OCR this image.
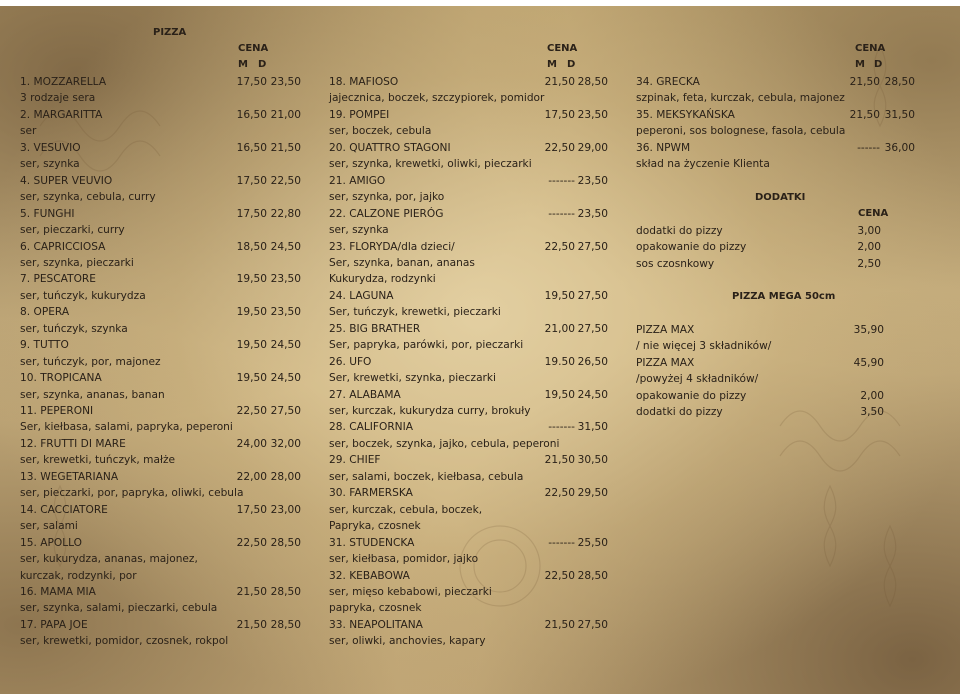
PIZZA
CENA
M D
CENA
M D
CENA
M D
1. MOZZARELLA	17,50 23,50
3 rodzaje sera
2. MARGARITTA	16,50 21,00
ser
3. VESUVIO	16,50 21,50
ser, szynka
4. SUPER VEUVIO	17,50 22,50
ser, szynka, cebula, curry
5. FUNGHI	17,50 22,80
ser, pieczarki, curry
6. CAPRICCIOSA	18,50 24,50
ser, szynka, pieczarki
7. PESCATORE	19,50 23,50
ser, tuńczyk, kukurydza
8. OPERA	19,50 23,50
ser, tuńczyk, szynka
9. TUTTO	19,50 24,50
ser, tuńczyk, por, majonez
10. TROPICANA	19,50 24,50
ser, szynka, ananas, banan
11. PEPERONI	22,50 27,50
Ser, kiełbasa, salami, papryka, peperoni
12. FRUTTI DI MARE	24,00 32,00
ser, krewetki, tuńczyk, małże
13. WEGETARIANA	22,00 28,00
ser, pieczarki, por, papryka, oliwki, cebula
14. CACCIATORE	17,50 23,00
ser, salami
15. APOLLO	22,50 28,50
ser, kukurydza, ananas, majonez,
kurczak, rodzynki, por
16. MAMA MIA	21,50 28,50
ser, szynka, salami, pieczarki, cebula
17. PAPA JOE	21,50 28,50
ser, krewetki, pomidor, czosnek, rokpol
18. MAFIOSO	21,50 28,50
jajecznica, boczek, szczypiorek, pomidor
19. POMPEI	17,50 23,50
ser, boczek, cebula
20. QUATTRO STAGONI	22,50 29,00
ser, szynka, krewetki, oliwki, pieczarki
21. AMIGO	------- 23,50
ser, szynka, por, jajko
22. CALZONE PIERÓG	------- 23,50
ser, szynka
23. FLORYDA/dla dzieci/	22,50 27,50
Ser, szynka, banan, ananas
Kukurydza, rodzynki
24. LAGUNA	19,50 27,50
Ser, tuńczyk, krewetki, pieczarki
25. BIG BRATHER	21,00 27,50
Ser, papryka, parówki, por, pieczarki
26. UFO	19.50 26,50
Ser, krewetki, szynka, pieczarki
27. ALABAMA	19,50 24,50
ser, kurczak, kukurydza curry, brokuły
28. CALIFORNIA	------- 31,50
ser, boczek, szynka, jajko, cebula, peperoni
29. CHIEF	21,50 30,50
ser, salami, boczek, kiełbasa, cebula
30. FARMERSKA	22,50 29,50
ser, kurczak, cebula, boczek,
Papryka, czosnek
31. STUDENCKA	------- 25,50
ser, kiełbasa, pomidor, jajko
32. KEBABOWA	22,50 28,50
ser, mięso kebabowi, pieczarki
papryka, czosnek
33. NEAPOLITANA	21,50 27,50
ser, oliwki, anchovies, kapary
34. GRECKA	21,50 28,50
szpinak, feta, kurczak, cebula, majonez
35. MEKSYKAŃSKA	21,50 31,50
peperoni, sos bolognese, fasola, cebula
36. NPWM	------ 36,00
skład na życzenie Klienta
DODATKI
CENA
dodatki do pizzy	3,00
opakowanie do pizzy	2,00
sos czosnkowy	2,50
PIZZA MEGA 50cm
PIZZA MAX	35,90
/ nie więcej 3 składników/
PIZZA MAX	45,90
/powyżej 4 składników/
opakowanie do pizzy	2,00
dodatki do pizzy	3,50
